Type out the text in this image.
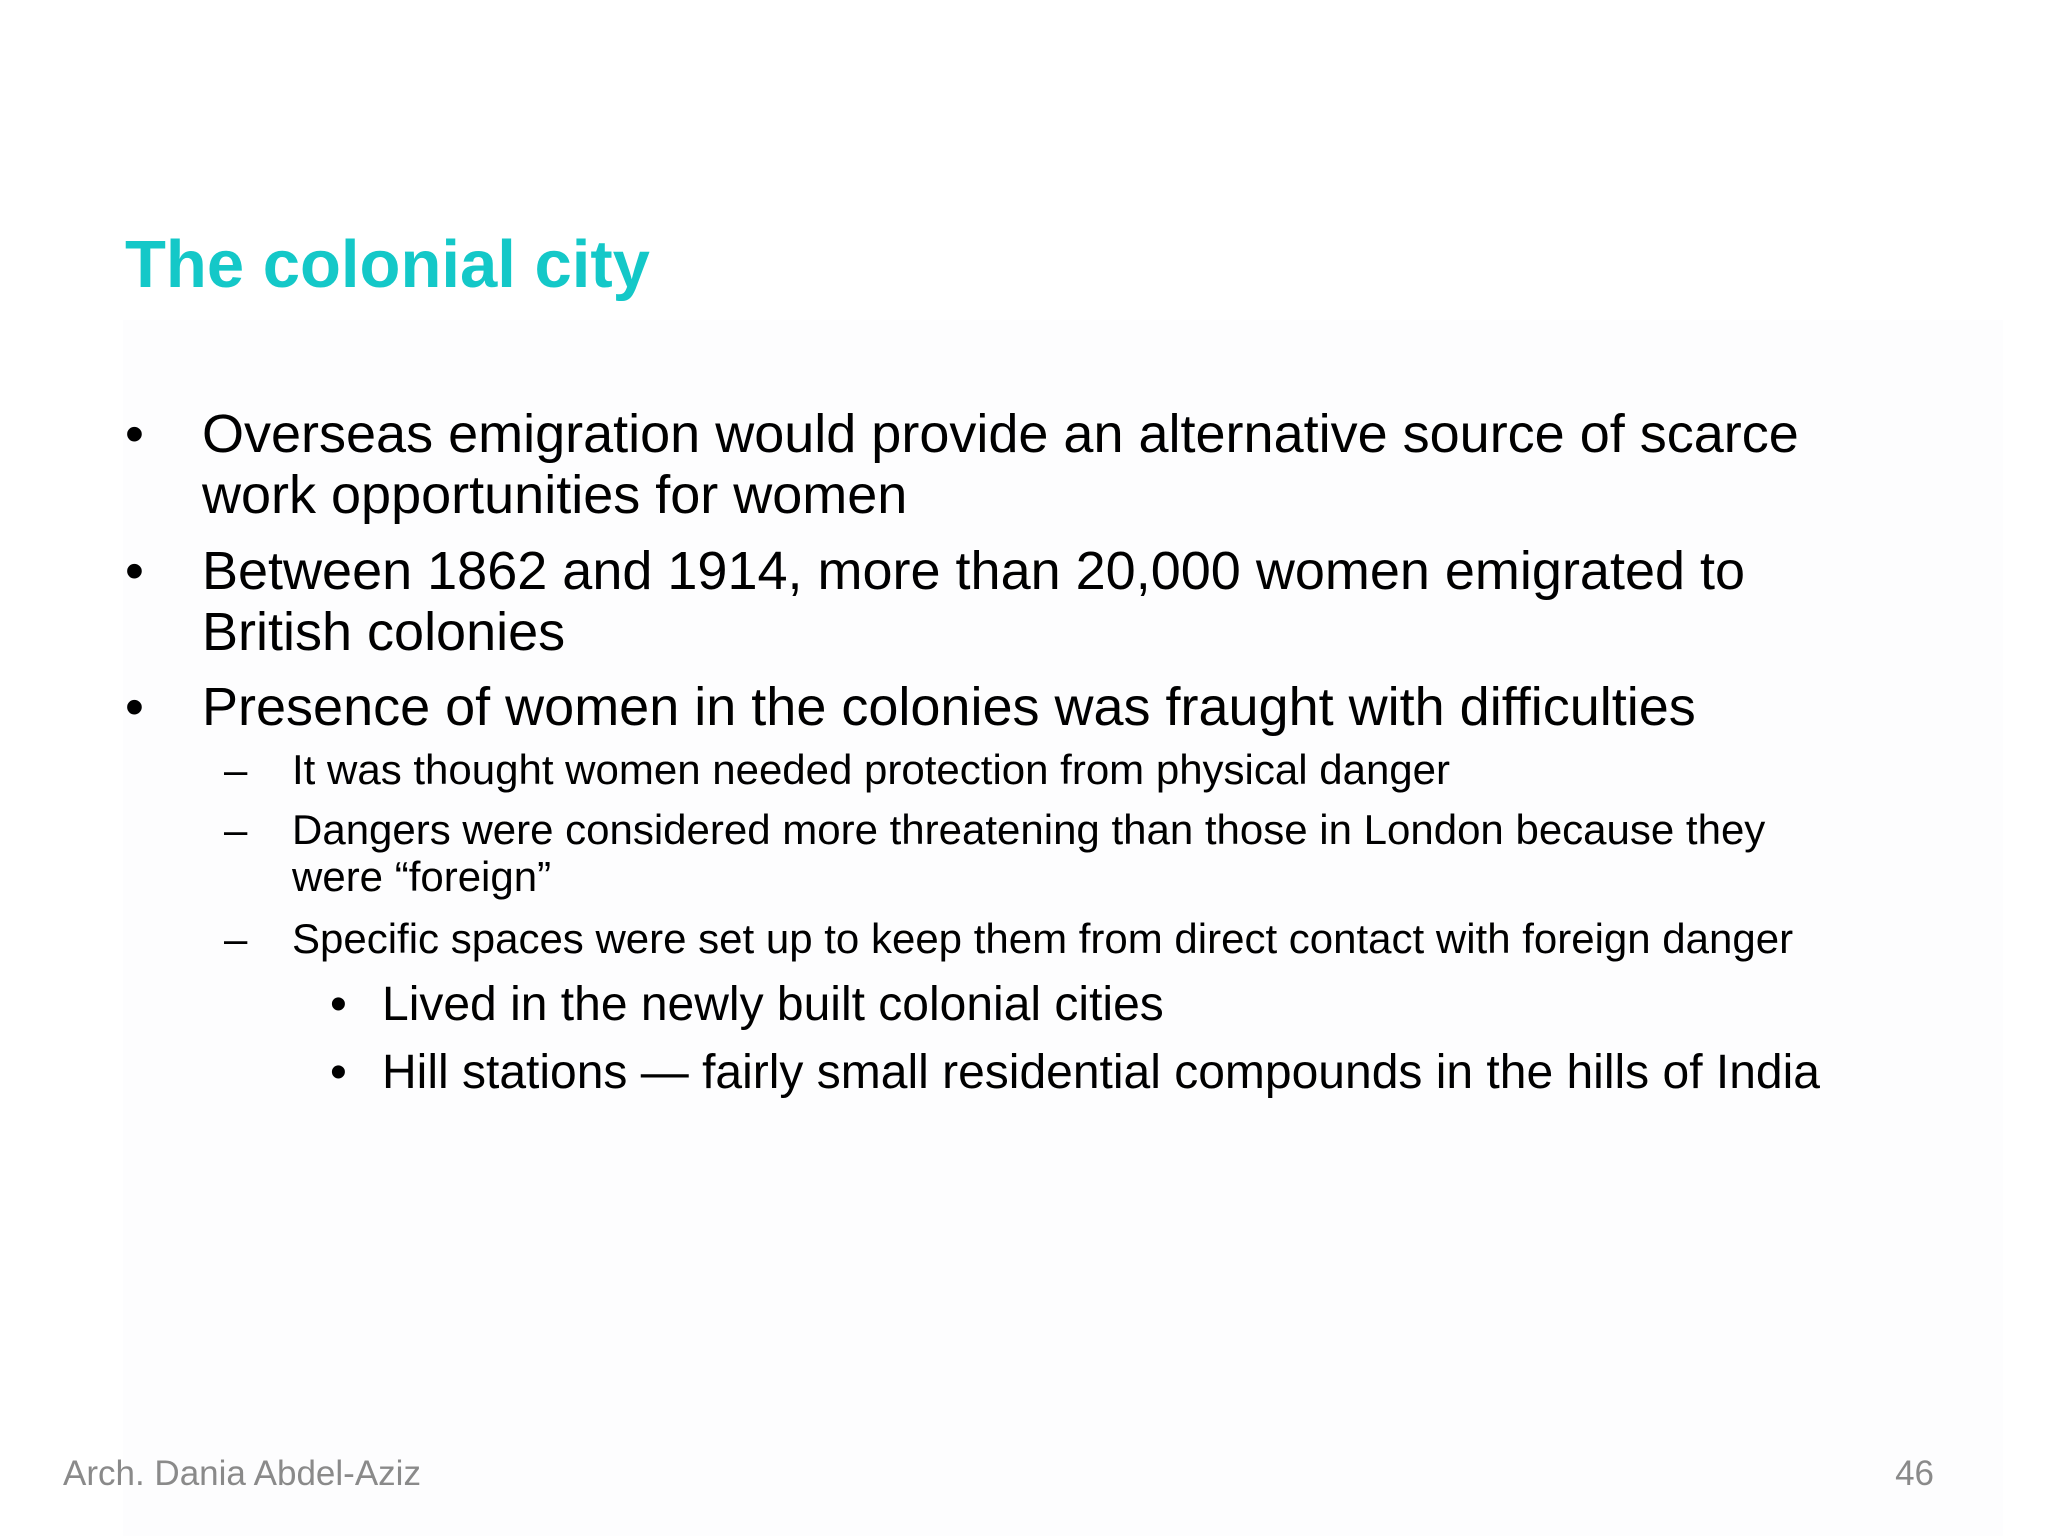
The colonial city
• Overseas emigration would provide an alternative source of scarce
work opportunities for women
• Between 1862 and 1914, more than 20,000 women emigrated to
British colonies
• Presence of women in the colonies was fraught with difficulties
– It was thought women needed protection from physical danger
– Dangers were considered more threatening than those in London because they
were “foreign”
– Specific spaces were set up to keep them from direct contact with foreign danger
• Lived in the newly built colonial cities
• Hill stations — fairly small residential compounds in the hills of India
Arch. Dania Abdel-Aziz	46
